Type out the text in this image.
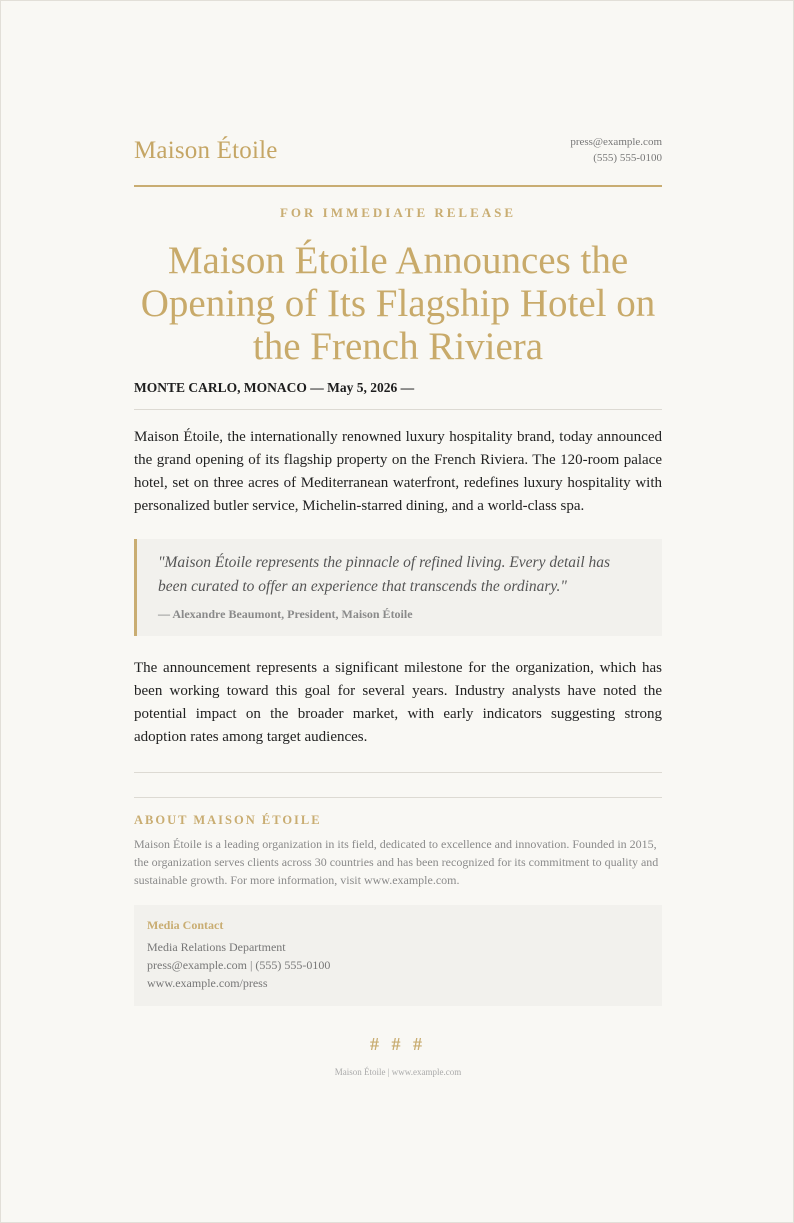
Maison Étoile	press@example.com
(555) 555-0100
FOR IMMEDIATE RELEASE
Maison Étoile Announces the Opening of Its Flagship Hotel on the French Riviera
MONTE CARLO, MONACO — May 5, 2026 —

Maison Étoile, the internationally renowned luxury hospitality brand, today announced the grand opening of its flagship property on the French Riviera. The 120-room palace hotel, set on three acres of Mediterranean waterfront, redefines luxury hospitality with personalized butler service, Michelin-starred dining, and a world-class spa.

"Maison Étoile represents the pinnacle of refined living. Every detail has been curated to offer an experience that transcends the ordinary."
— Alexandre Beaumont, President, Maison Étoile

The announcement represents a significant milestone for the organization, which has been working toward this goal for several years. Industry analysts have noted the potential impact on the broader market, with early indicators suggesting strong adoption rates among target audiences.

ABOUT MAISON ÉTOILE
Maison Étoile is a leading organization in its field, dedicated to excellence and innovation. Founded in 2015, the organization serves clients across 30 countries and has been recognized for its commitment to quality and sustainable growth. For more information, visit www.example.com.
Media Contact
Media Relations Department
press@example.com | (555) 555-0100
www.example.com/press
# # #
Maison Étoile | www.example.com
